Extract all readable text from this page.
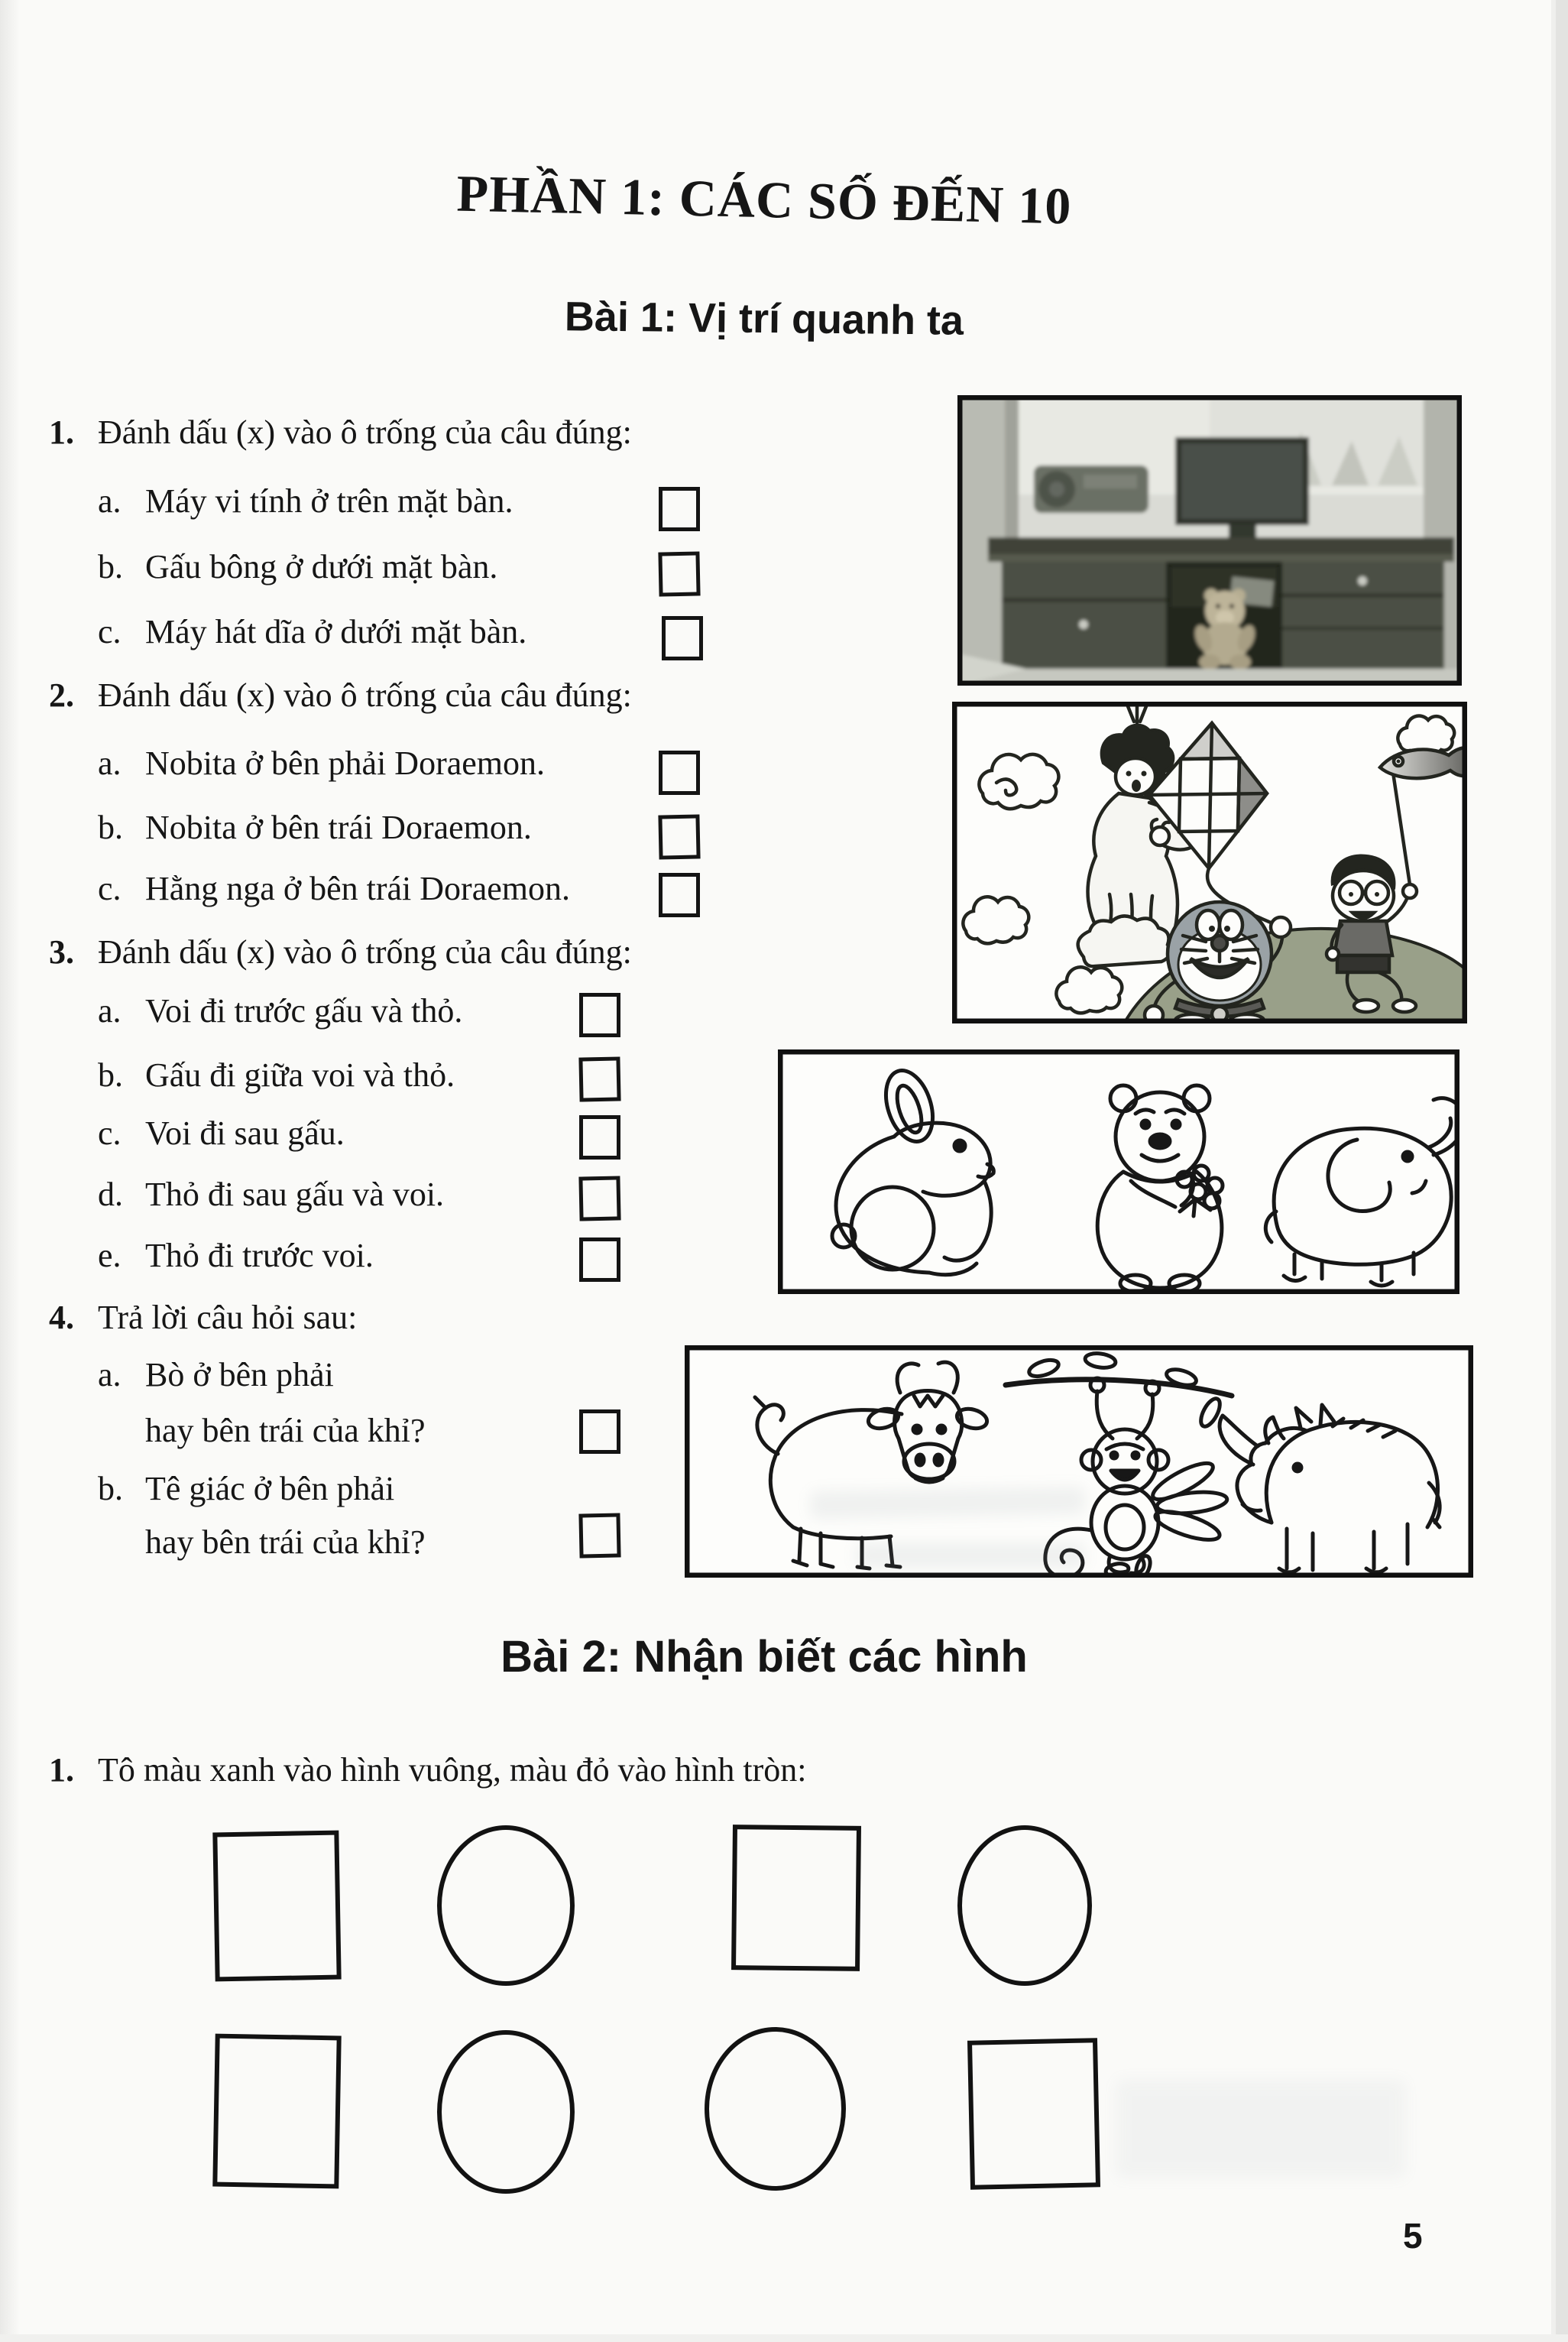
PHẦN 1: CÁC SỐ ĐẾN 10
Bài 1: Vị trí quanh ta
1. Đánh dấu (x) vào ô trống của câu đúng:
a. Máy vi tính ở trên mặt bàn.
b. Gấu bông ở dưới mặt bàn.
c. Máy hát dĩa ở dưới mặt bàn.
2. Đánh dấu (x) vào ô trống của câu đúng:
a. Nobita ở bên phải Doraemon.
b. Nobita ở bên trái Doraemon.
c. Hằng nga ở bên trái Doraemon.
3. Đánh dấu (x) vào ô trống của câu đúng:
a. Voi đi trước gấu và thỏ.
b. Gấu đi giữa voi và thỏ.
c. Voi đi sau gấu.
d. Thỏ đi sau gấu và voi.
e. Thỏ đi trước voi.
4. Trả lời câu hỏi sau:
a. Bò ở bên phải
hay bên trái của khỉ?
b. Tê giác ở bên phải
hay bên trái của khỉ?
Bài 2: Nhận biết các hình
1. Tô màu xanh vào hình vuông, màu đỏ vào hình tròn:
5
